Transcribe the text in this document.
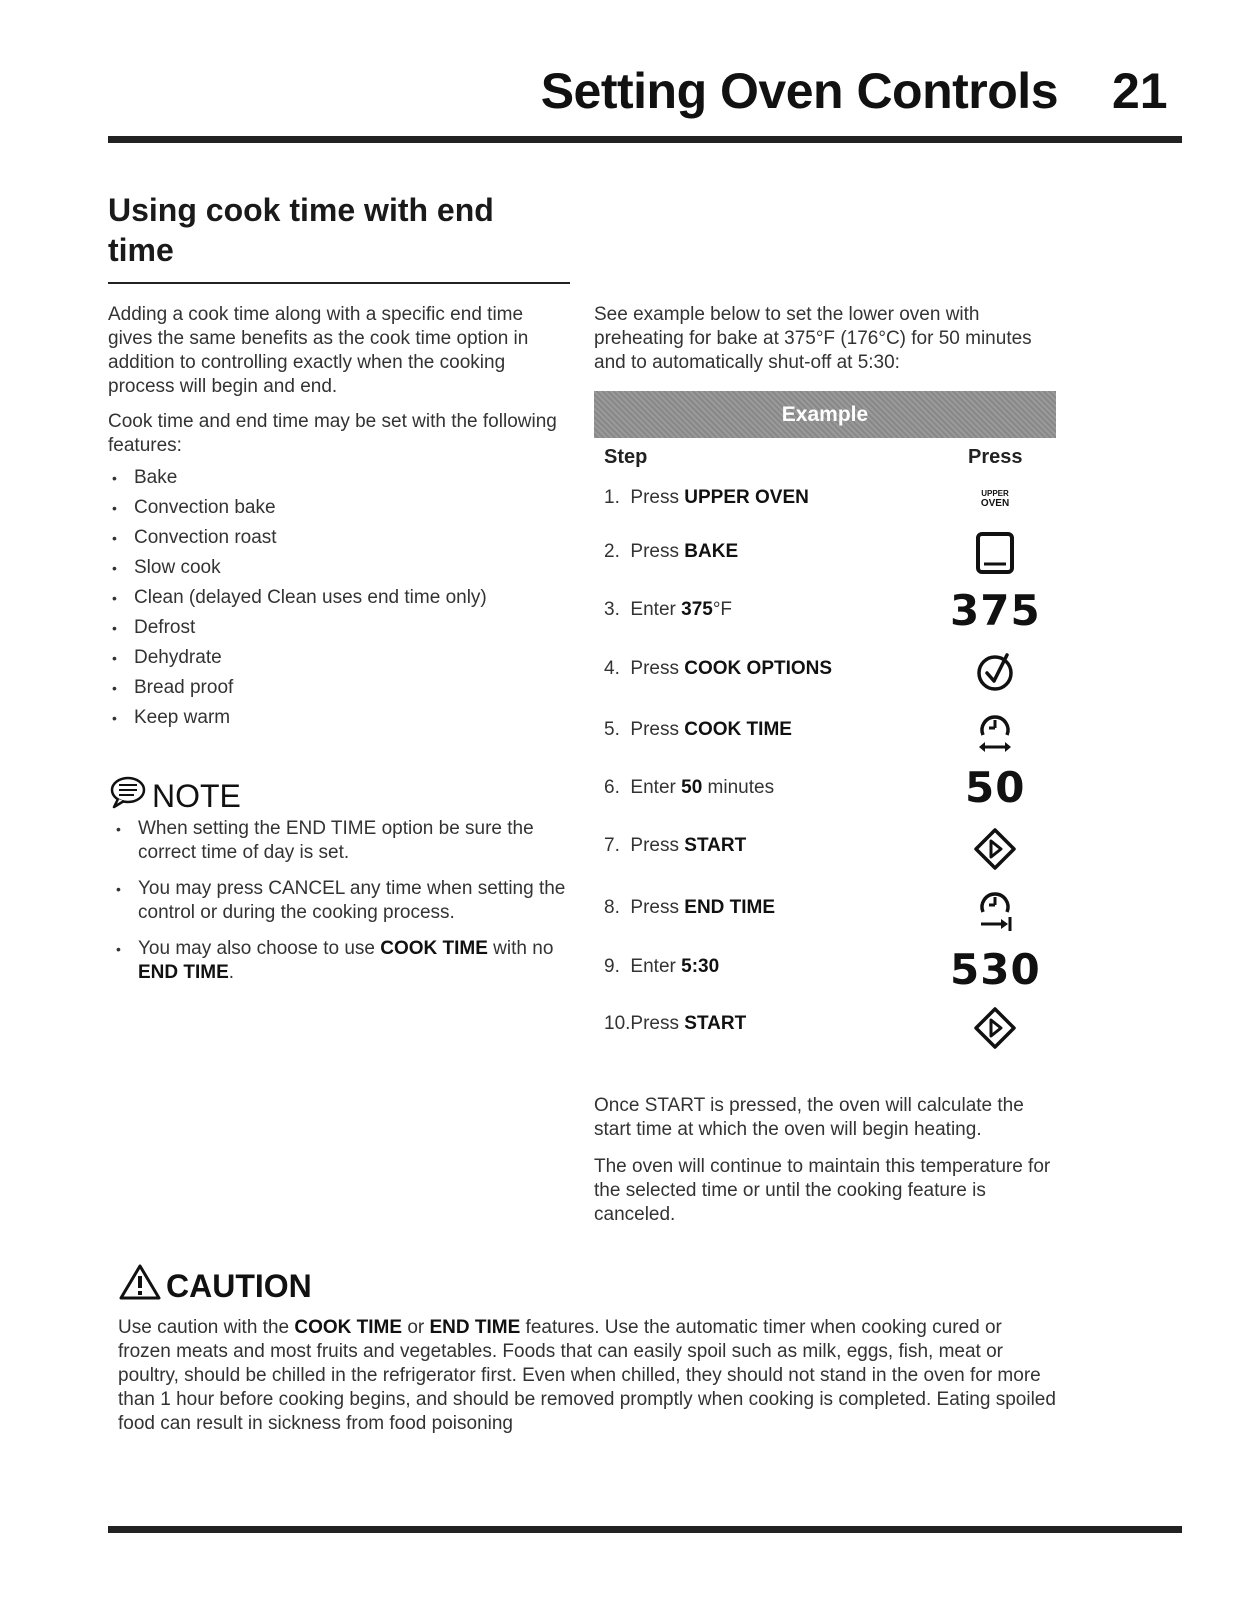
Setting Oven Controls 21
Using cook time with end time
Adding a cook time along with a specific end time gives the same benefits as the cook time option in addition to controlling exactly when the cooking process will begin and end.
Cook time and end time may be set with the following features:
• Bake
• Convection bake
• Convection roast
• Slow cook
• Clean (delayed Clean uses end time only)
• Defrost
• Dehydrate
• Bread proof
• Keep warm
NOTE
• When setting the END TIME option be sure the correct time of day is set.
• You may press CANCEL any time when setting the control or during the cooking process.
• You may also choose to use COOK TIME with no END TIME.
See example below to set the lower oven with preheating for bake at 375°F (176°C) for 50 minutes and to automatically shut-off at 5:30:
Example
Step	Press
1. Press UPPER OVEN	UPPER
OVEN
2. Press BAKE
3. Enter 375°F	375
4. Press COOK OPTIONS
5. Press COOK TIME
6. Enter 50 minutes	50
7. Press START
8. Press END TIME
9. Enter 5:30	530
10.Press START
Once START is pressed, the oven will calculate the start time at which the oven will begin heating.
The oven will continue to maintain this temperature for the selected time or until the cooking feature is canceled.
CAUTION
Use caution with the COOK TIME or END TIME features. Use the automatic timer when cooking cured or frozen meats and most fruits and vegetables. Foods that can easily spoil such as milk, eggs, fish, meat or poultry, should be chilled in the refrigerator first. Even when chilled, they should not stand in the oven for more than 1 hour before cooking begins, and should be removed promptly when cooking is completed. Eating spoiled food can result in sickness from food poisoning
